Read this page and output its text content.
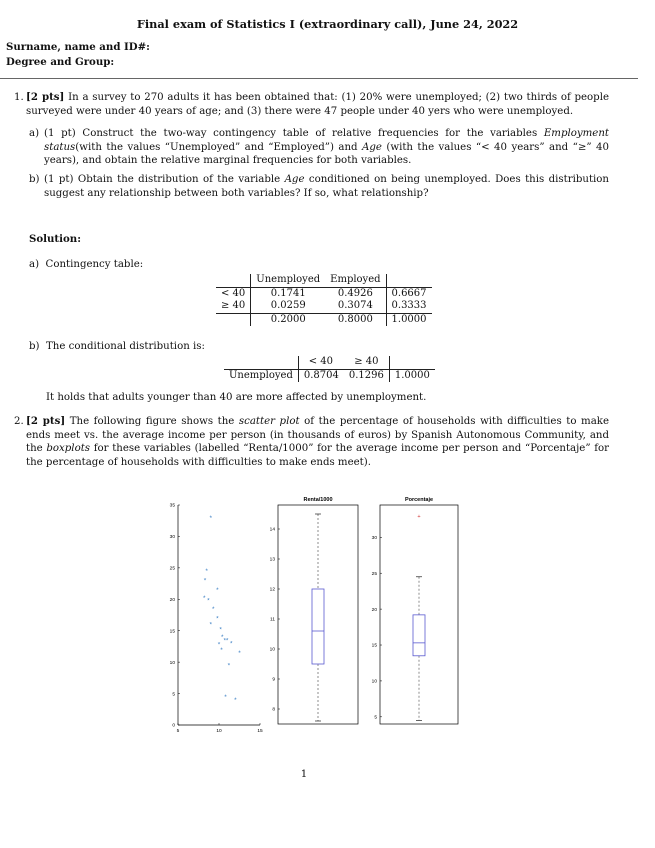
Final exam of Statistics I (extraordinary call), June 24, 2022
Surname, name and ID#:
Degree and Group:
1. [2 pts] In a survey to 270 adults it has been obtained that: (1) 20% were unemployed; (2) two thirds of people surveyed were under 40 years of age; and (3) there were 47 people under 40 yers who were unemployed.
a) (1 pt) Construct the two-way contingency table of relative frequencies for the variables Employment status(with the values “Unemployed” and “Employed”) and Age (with the values “< 40 years” and “≥” 40 years), and obtain the relative marginal frequencies for both variables.
b) (1 pt) Obtain the distribution of the variable Age conditioned on being unemployed. Does this distribution suggest any relationship between both variables? If so, what relationship?
Solution:
a) Contingency table:
	Unemployed	Employed	
< 40	0.1741	0.4926	0.6667
≥ 40	0.0259	0.3074	0.3333
	0.2000	0.8000	1.0000
b) The conditional distribution is:
	< 40	≥ 40	
Unemployed	0.8704	0.1296	1.0000
It holds that adults younger than 40 are more affected by unemployment.
2. [2 pts] The following figure shows the scatter plot of the percentage of households with difficulties to make ends meet vs. the average income per person (in thousands of euros) by Spanish Autonomous Community, and the boxplots for these variables (labelled “Renta/1000” for the average income per person and “Porcentaje” for the percentage of households with difficulties to make ends meet).
0
5
10
15
20
25
30
35
5	10	15
*
*
*
*
* *
*
*
*
*
* *
* *
*
* *
*
* *
Renta/1000
8
9
10
11
12
13
14
Porcentaje
5
10
15
20
25
30
+
1
